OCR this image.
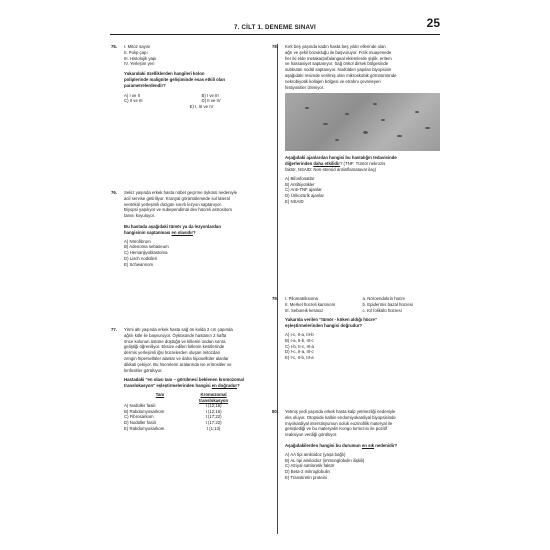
7. CİLT 1. DENEME SINAVI	25
75. I. Mitoz sayısı
II. Polip çapı
III. Histolojik yapı
IV. Yerleşim yeri
Yukarıdaki özelliklerden hangileri kolon
poliplerinde malignite gelişiminde esas etkili olan
parametrelerdendir?
A) I ve II	B) I ve III
C) II ve III	D) II ve IV
E) I, III ve IV
76. Sekiz yaşında erkek hasta nöbet geçirme öyküsü nedeniyle
acil servise getiriliyor. Kranyal görüntülemede sol lateral
ventrikül yerleşimli düzgün sınırlı lezyon saptanıyor.
Biyopsi yapılıyor ve subependimal dev hücreli astrositom
tanısı koyuluyor.
Bu hastada aşağıdaki tümör ya da lezyonlardan
hangisinin saptanması en olasıdır?
A) Nörofibrom
B) Adenoma sebaseum
C) Hemanjiyoblastoma
D) Lisch nodülleri
E) Schwannom
77. Yirmi altı yaşında erkek hasta sağ ön kolda 2 cm çapında
ağrılı kitle ile başvuruyor. Öyküsünde hastanın 2 hafta
önce kolunun üstüne düştüğü ve kitlenin ondan sonra
geliştiği öğreniliyor. Eksize edilen kitlenin kesitlerinde
dermis yerleşimli iğsi hücrelerden oluşan mitozdan
zengin hipersellüler alanlar ve daha hiposellüler alanlar
dikkati çekiyor. Bu hücrelerin aralarında ise eritrositler ve
lenfositler görülüyor.
Hastadaki "en olası tanı – görülmesi beklenen kromozomal
translokasyon" eşleştirmelerinden hangisi en doğrudur?
Tanı	Kromozomal
translokasyon

A) Nodüller fasiit	t (12;16)
B) Rabdomyosarkom	t (12;16)
C) Fibrosarkom	t (17;22)
D) Nodüller fasiit	t (17;22)
E) Rabdomyosarkom	t (1;13)
78. Kırk beş yaşında kadın hasta beş yıldır ellerinde olan
ağrı ve şekil bozukluğu ile başvuruyor. Fizik muayenede
her iki elde metakarpofalangeal eklemlerde şişlik, eritem
ve hassasiyet saptanıyor. Sağ önkol dirsek bölgesinde
subkutan nodül saptanıyor. Nodülden yapılan biyopsinin
aşağıdaki resimde verilmiş olan mikroskobik görünümünde
nekrobiyotik kollajen bölgesi ve etrafını çevreleyen
histiyositler izleniyor.
Aşağıdaki ajanlardan hangisi bu hastalığın tedavisinde
diğerlerinden daha etkilidir? (TNF: Tümör nekrozis
faktör, NSAID: Non-steroid antiinflamatuvar ilaç)
A) Bifosfonatlar
B) Antibiyotikler
C) Anti-TNF ajanlar
D) Ürikozürik ajanlar
E) NSAID
79. I. Pilomatriksoma
II. Merkel hücreli karsinom
III. Seboreik keratoz
a. Nöroendokrin hücre
b. Epidermis bazal hücresi
c. Kıl folikülü hücresi
Yukarıda verilen "tümör - köken aldığı hücre"
eşleştirmelerinden hangisi doğrudur?
A) I-c, II-a, III-b
B) I-a, II-b, III-c
C) I-b, II-c, III-a
D) I-c, II-a, III-c
E) I-c, II-b, III-a
80. Yetmiş yedi yaşında erkek hasta kalp yetmezliği nedeniyle
eks oluyor. Otopside kalbin endomiyokardiyal biyopsisinde
miyokardiyal interstisyumun soluk eozinofilik materyal ile
genişlediği ve bu materyalin Kongo kırmızısı ile pozitif
reaksiyon verdiği görülüyor.
Aşağıdakilerden hangisi bu durumun en sık nedenidir?
A) AA tipi amiloidoz (yaşa bağlı)
B) AL tipi amiloidoz (immünglobulin ilişkili)
C) Atriyal natriüretik faktör
D) Beta-2 mikroglobulin
E) Transtiretin proteini
